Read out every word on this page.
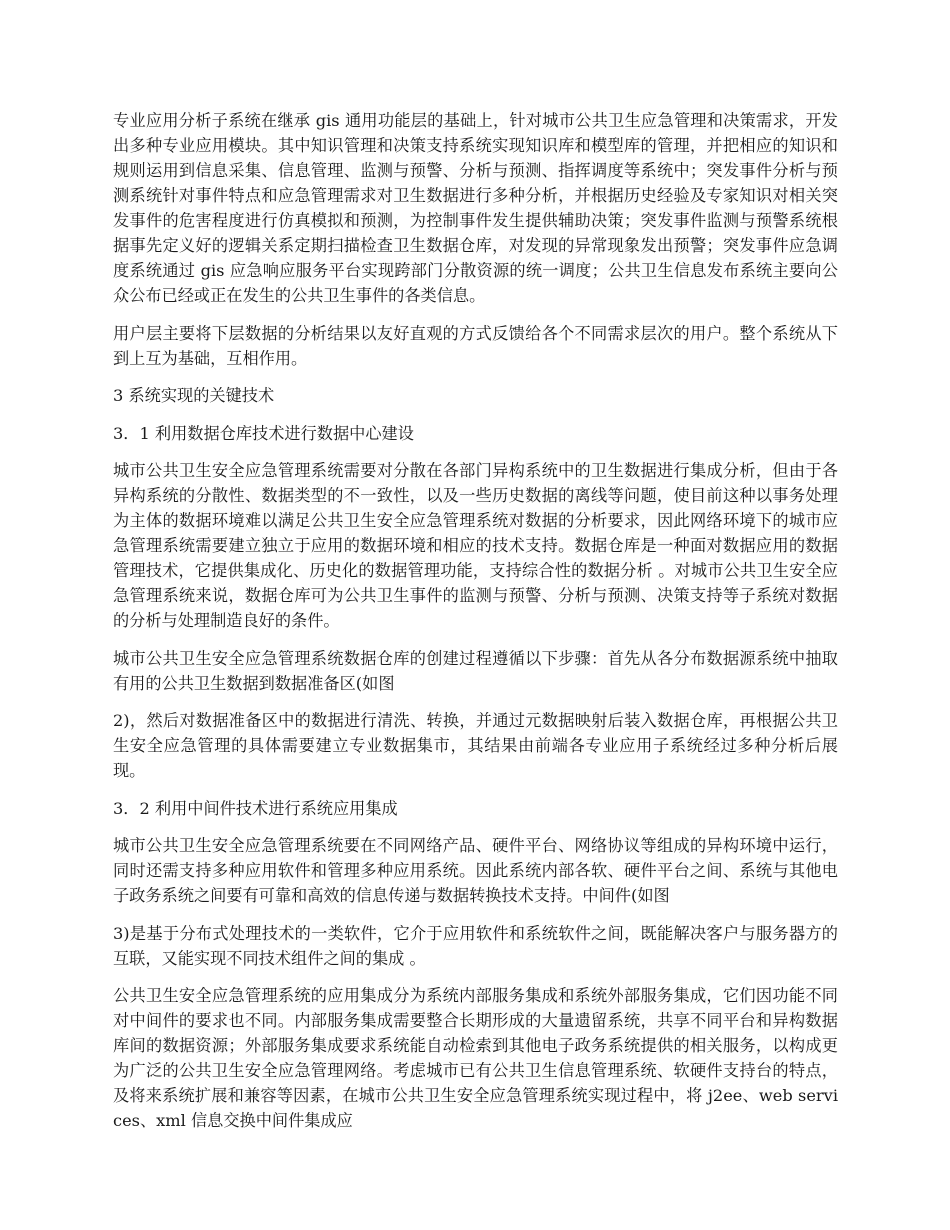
专业应用分析子系统在继承 gis 通用功能层的基础上，针对城市公共卫生应急管理和决策需求，开发出多种专业应用模块。其中知识管理和决策支持系统实现知识库和模型库的管理，并把相应的知识和规则运用到信息采集、信息管理、监测与预警、分析与预测、指挥调度等系统中；突发事件分析与预测系统针对事件特点和应急管理需求对卫生数据进行多种分析，并根据历史经验及专家知识对相关突发事件的危害程度进行仿真模拟和预测，为控制事件发生提供辅助决策；突发事件监测与预警系统根据事先定义好的逻辑关系定期扫描检查卫生数据仓库，对发现的异常现象发出预警；突发事件应急调度系统通过 gis 应急响应服务平台实现跨部门分散资源的统一调度；公共卫生信息发布系统主要向公众公布已经或正在发生的公共卫生事件的各类信息。

用户层主要将下层数据的分析结果以友好直观的方式反馈给各个不同需求层次的用户。整个系统从下到上互为基础，互相作用。

3 系统实现的关键技术

3．1 利用数据仓库技术进行数据中心建设

城市公共卫生安全应急管理系统需要对分散在各部门异构系统中的卫生数据进行集成分析，但由于各异构系统的分散性、数据类型的不一致性，以及一些历史数据的离线等问题，使目前这种以事务处理为主体的数据环境难以满足公共卫生安全应急管理系统对数据的分析要求，因此网络环境下的城市应急管理系统需要建立独立于应用的数据环境和相应的技术支持。数据仓库是一种面对数据应用的数据管理技术，它提供集成化、历史化的数据管理功能，支持综合性的数据分析 。对城市公共卫生安全应急管理系统来说，数据仓库可为公共卫生事件的监测与预警、分析与预测、决策支持等子系统对数据的分析与处理制造良好的条件。

城市公共卫生安全应急管理系统数据仓库的创建过程遵循以下步骤：首先从各分布数据源系统中抽取有用的公共卫生数据到数据准备区(如图

2)，然后对数据准备区中的数据进行清洗、转换，并通过元数据映射后装入数据仓库，再根据公共卫生安全应急管理的具体需要建立专业数据集市，其结果由前端各专业应用子系统经过多种分析后展现。

3．2 利用中间件技术进行系统应用集成

城市公共卫生安全应急管理系统要在不同网络产品、硬件平台、网络协议等组成的异构环境中运行，同时还需支持多种应用软件和管理多种应用系统。因此系统内部各软、硬件平台之间、系统与其他电子政务系统之间要有可靠和高效的信息传递与数据转换技术支持。中间件(如图

3)是基于分布式处理技术的一类软件，它介于应用软件和系统软件之间，既能解决客户与服务器方的互联，又能实现不同技术组件之间的集成 。

公共卫生安全应急管理系统的应用集成分为系统内部服务集成和系统外部服务集成，它们因功能不同对中间件的要求也不同。内部服务集成需要整合长期形成的大量遗留系统，共享不同平台和异构数据库间的数据资源；外部服务集成要求系统能自动检索到其他电子政务系统提供的相关服务，以构成更为广泛的公共卫生安全应急管理网络。考虑城市已有公共卫生信息管理系统、软硬件支持台的特点，及将来系统扩展和兼容等因素，在城市公共卫生安全应急管理系统实现过程中，将 j2ee、web services、xml 信息交换中间件集成应
